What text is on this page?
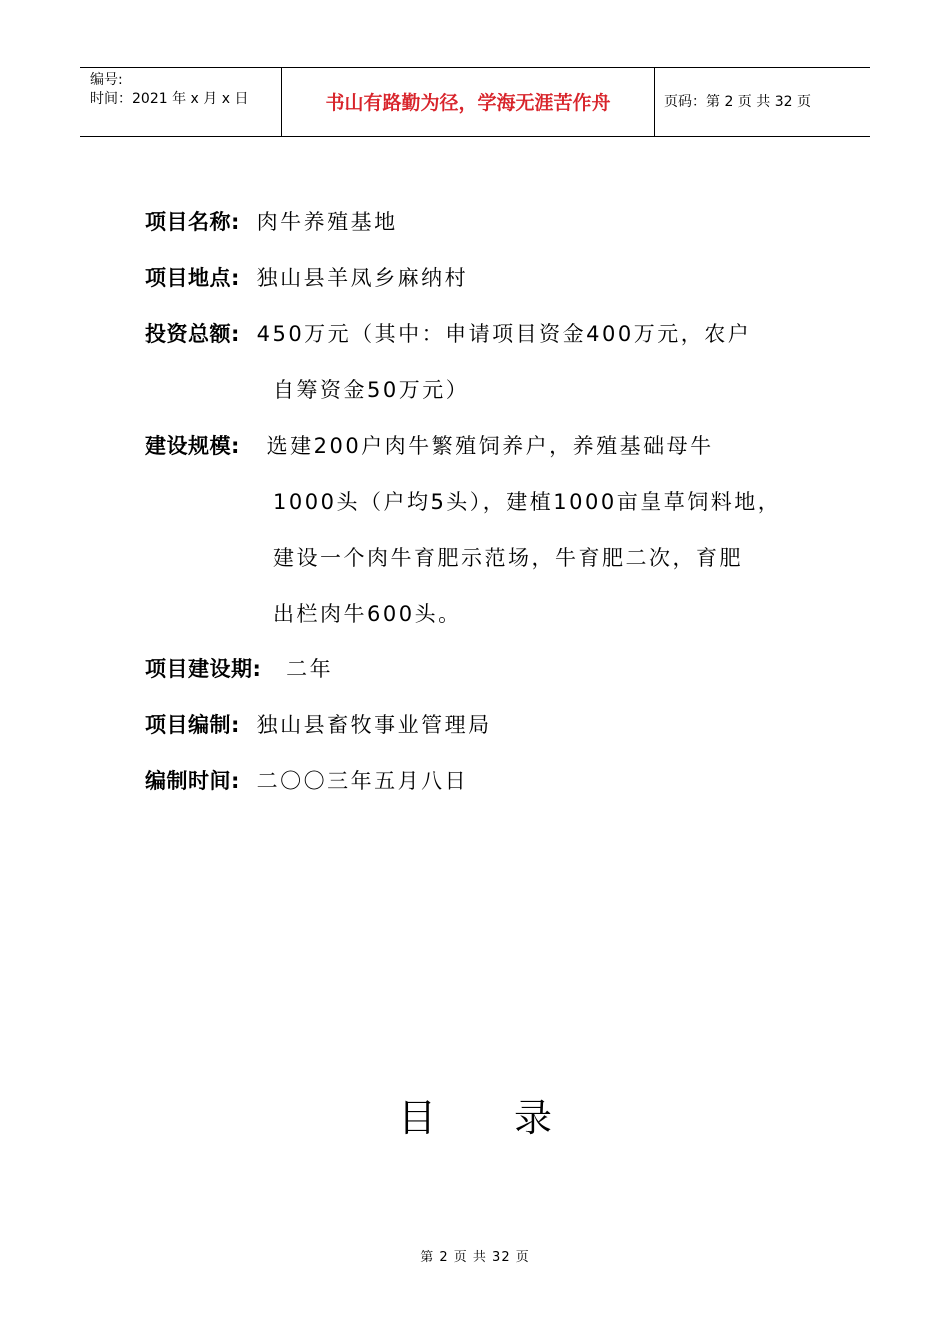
编号:
时间：2021 年 x 月 x 日	书山有路勤为径，学海无涯苦作舟	页码：第 2 页 共 32 页
项目名称: 肉牛养殖基地
项目地点: 独山县羊凤乡麻纳村
投资总额: 450万元（其中：申请项目资金400万元，农户
自筹资金50万元）
建设规模: 选建200户肉牛繁殖饲养户，养殖基础母牛
1000头（户均5头），建植1000亩皇草饲料地，
建设一个肉牛育肥示范场，牛育肥二次，育肥
出栏肉牛600头。
项目建设期: 二年
项目编制: 独山县畜牧事业管理局
编制时间: 二〇〇三年五月八日
目 录
第 2 页 共 32 页
